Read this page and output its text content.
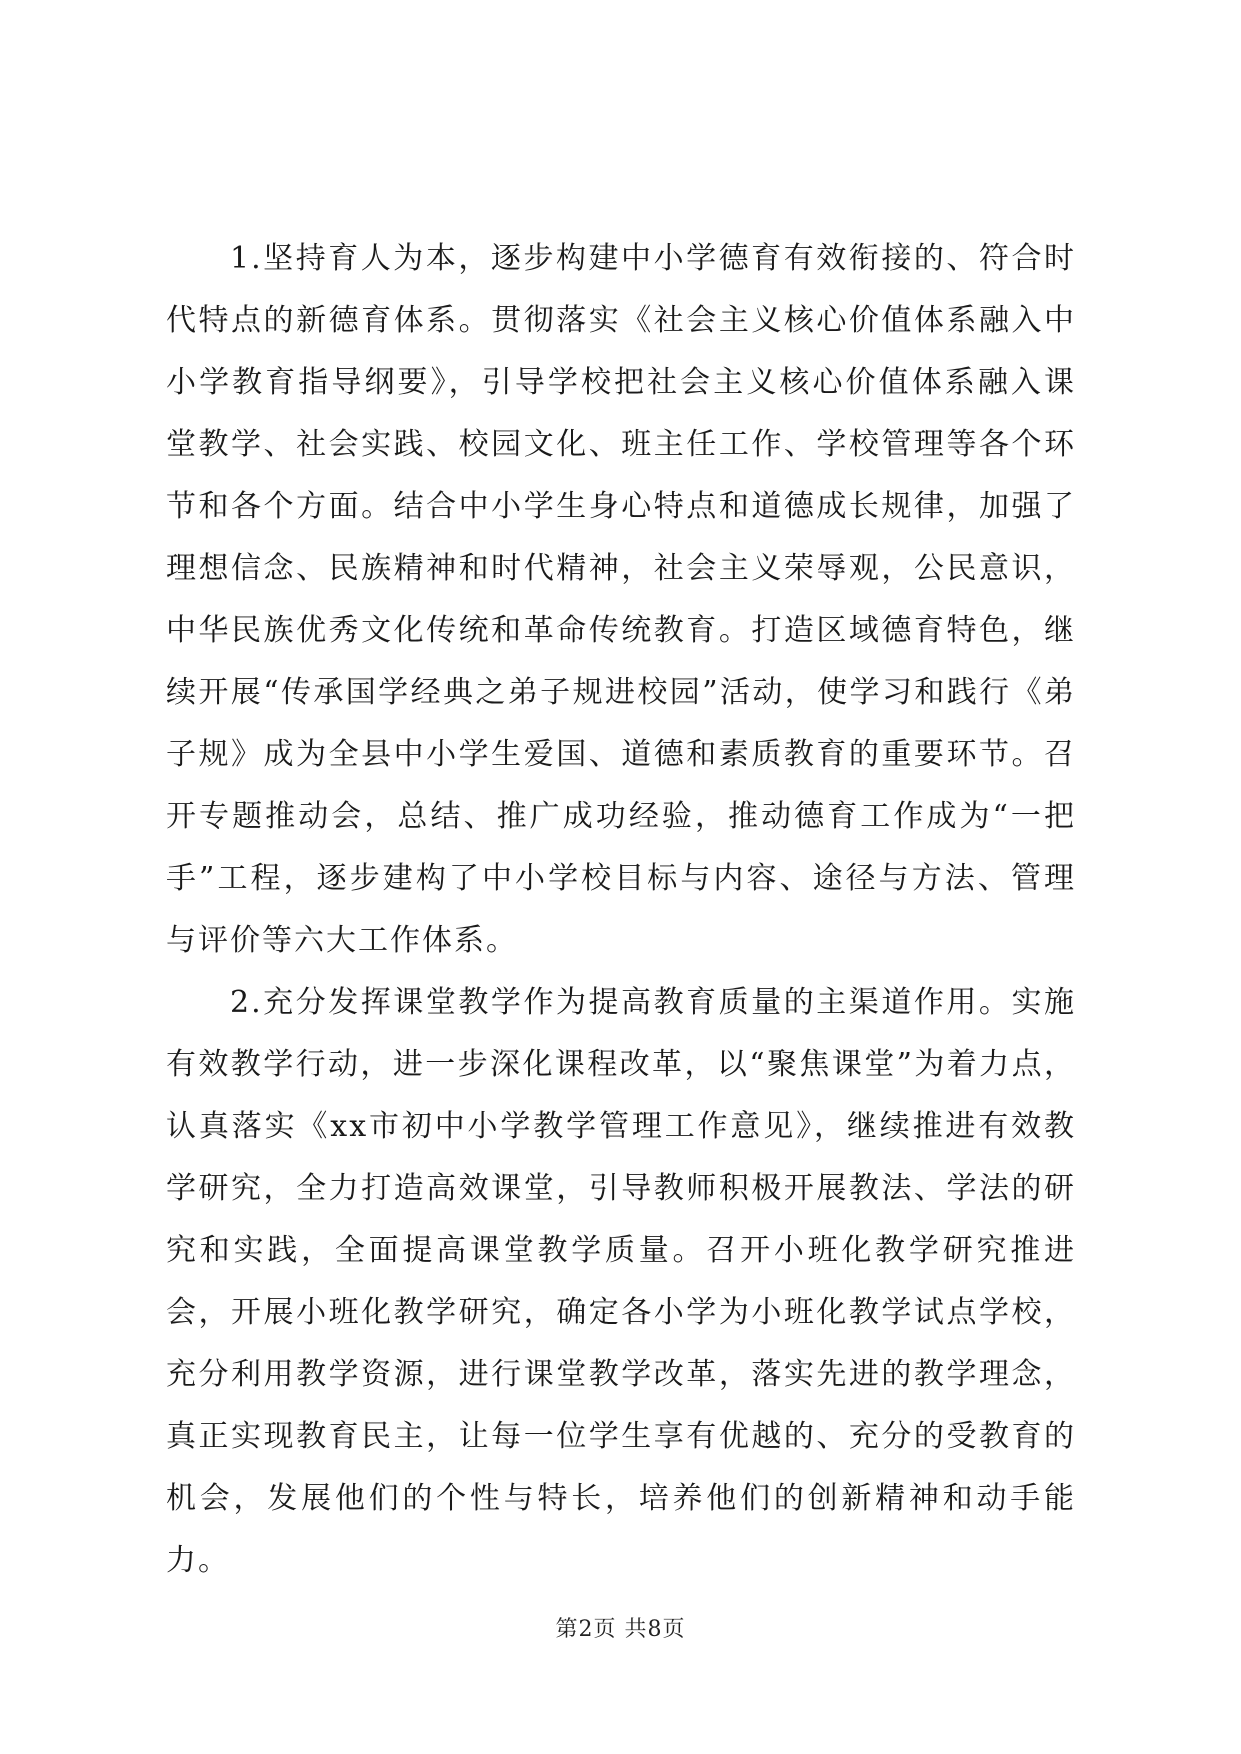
1.坚持育人为本，逐步构建中小学德育有效衔接的、符合时代特点的新德育体系。贯彻落实《社会主义核心价值体系融入中小学教育指导纲要》，引导学校把社会主义核心价值体系融入课堂教学、社会实践、校园文化、班主任工作、学校管理等各个环节和各个方面。结合中小学生身心特点和道德成长规律，加强了理想信念、民族精神和时代精神，社会主义荣辱观，公民意识，中华民族优秀文化传统和革命传统教育。打造区域德育特色，继续开展“传承国学经典之弟子规进校园”活动，使学习和践行《弟子规》成为全县中小学生爱国、道德和素质教育的重要环节。召开专题推动会，总结、推广成功经验，推动德育工作成为“一把手”工程，逐步建构了中小学校目标与内容、途径与方法、管理与评价等六大工作体系。

2.充分发挥课堂教学作为提高教育质量的主渠道作用。实施有效教学行动，进一步深化课程改革，以“聚焦课堂”为着力点，认真落实《xx市初中小学教学管理工作意见》，继续推进有效教学研究，全力打造高效课堂，引导教师积极开展教法、学法的研究和实践，全面提高课堂教学质量。召开小班化教学研究推进会，开展小班化教学研究，确定各小学为小班化教学试点学校，充分利用教学资源，进行课堂教学改革，落实先进的教学理念，真正实现教育民主，让每一位学生享有优越的、充分的受教育的机会，发展他们的个性与特长，培养他们的创新精神和动手能力。

第2页 共8页
